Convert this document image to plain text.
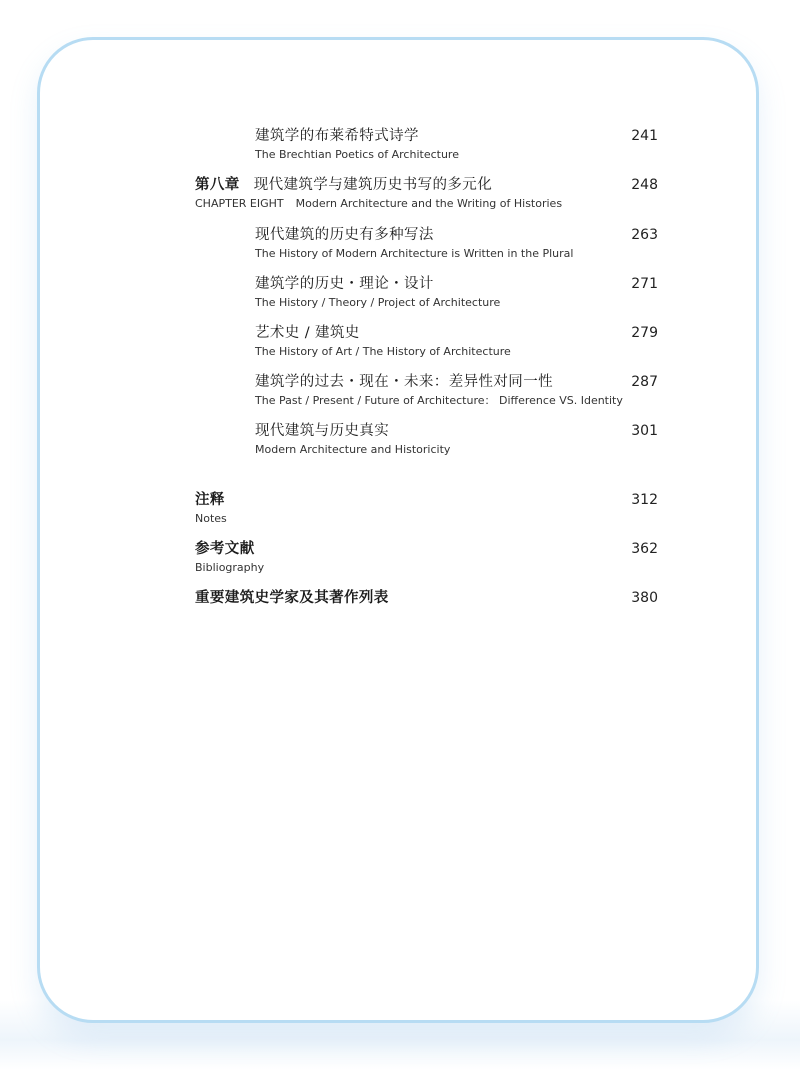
建筑学的布莱希特式诗学
The Brechtian Poetics of Architecture
241
第八章 现代建筑学与建筑历史书写的多元化
CHAPTER EIGHT Modern Architecture and the Writing of Histories
248
现代建筑的历史有多种写法
The History of Modern Architecture is Written in the Plural
263
建筑学的历史・理论・设计
The History / Theory / Project of Architecture
271
艺术史 / 建筑史
The History of Art / The History of Architecture
279
建筑学的过去・现在・未来：差异性对同一性
The Past / Present / Future of Architecture： Difference VS. Identity
287
现代建筑与历史真实
Modern Architecture and Historicity
301
注释
Notes
312
参考文献
Bibliography
362
重要建筑史学家及其著作列表	380
